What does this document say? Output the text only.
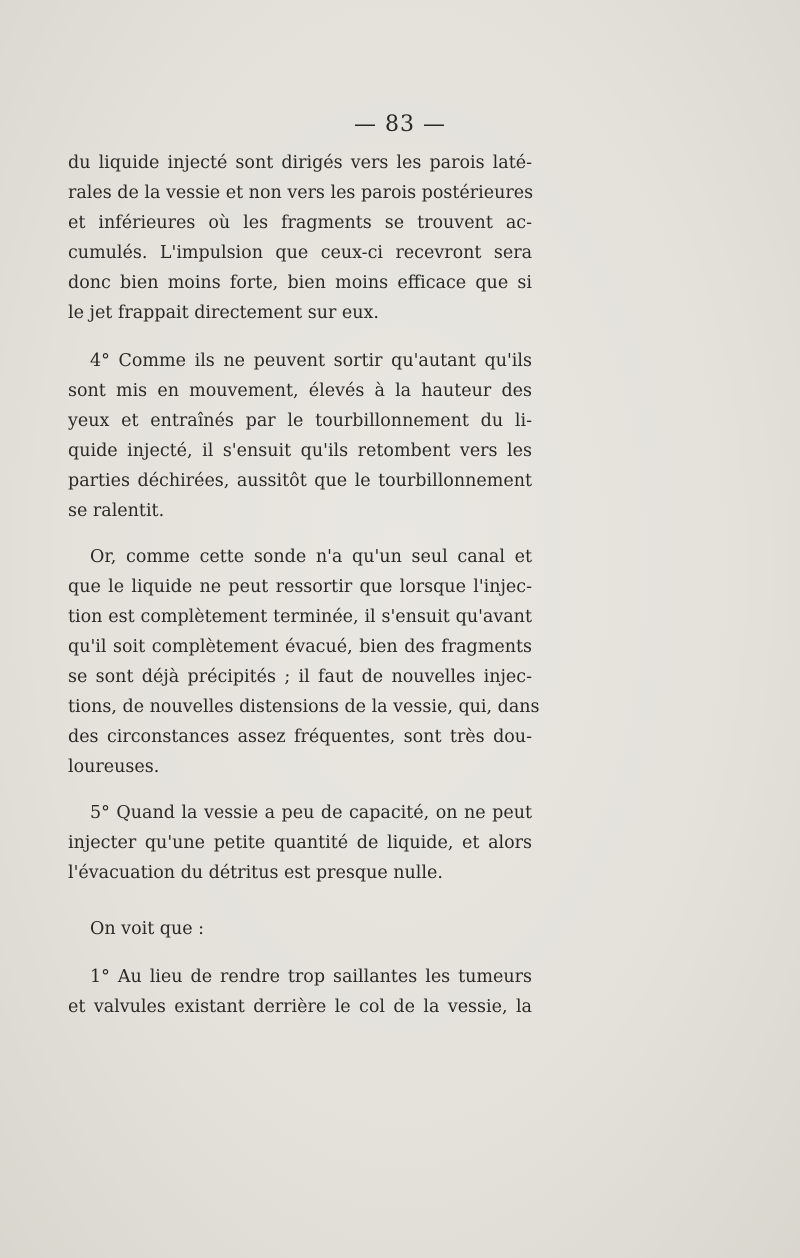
— 83 —
du liquide injecté sont dirigés vers les parois laté-
rales de la vessie et non vers les parois postérieures
et inférieures où les fragments se trouvent ac-
cumulés. L'impulsion que ceux-ci recevront sera
donc bien moins forte, bien moins efficace que si
le jet frappait directement sur eux.
4° Comme ils ne peuvent sortir qu'autant qu'ils
sont mis en mouvement, élevés à la hauteur des
yeux et entraînés par le tourbillonnement du li-
quide injecté, il s'ensuit qu'ils retombent vers les
parties déchirées, aussitôt que le tourbillonnement
se ralentit.
Or, comme cette sonde n'a qu'un seul canal et
que le liquide ne peut ressortir que lorsque l'injec-
tion est complètement terminée, il s'ensuit qu'avant
qu'il soit complètement évacué, bien des fragments
se sont déjà précipités ; il faut de nouvelles injec-
tions, de nouvelles distensions de la vessie, qui, dans
des circonstances assez fréquentes, sont très dou-
loureuses.
5° Quand la vessie a peu de capacité, on ne peut
injecter qu'une petite quantité de liquide, et alors
l'évacuation du détritus est presque nulle.
On voit que :
1° Au lieu de rendre trop saillantes les tumeurs
et valvules existant derrière le col de la vessie, la
